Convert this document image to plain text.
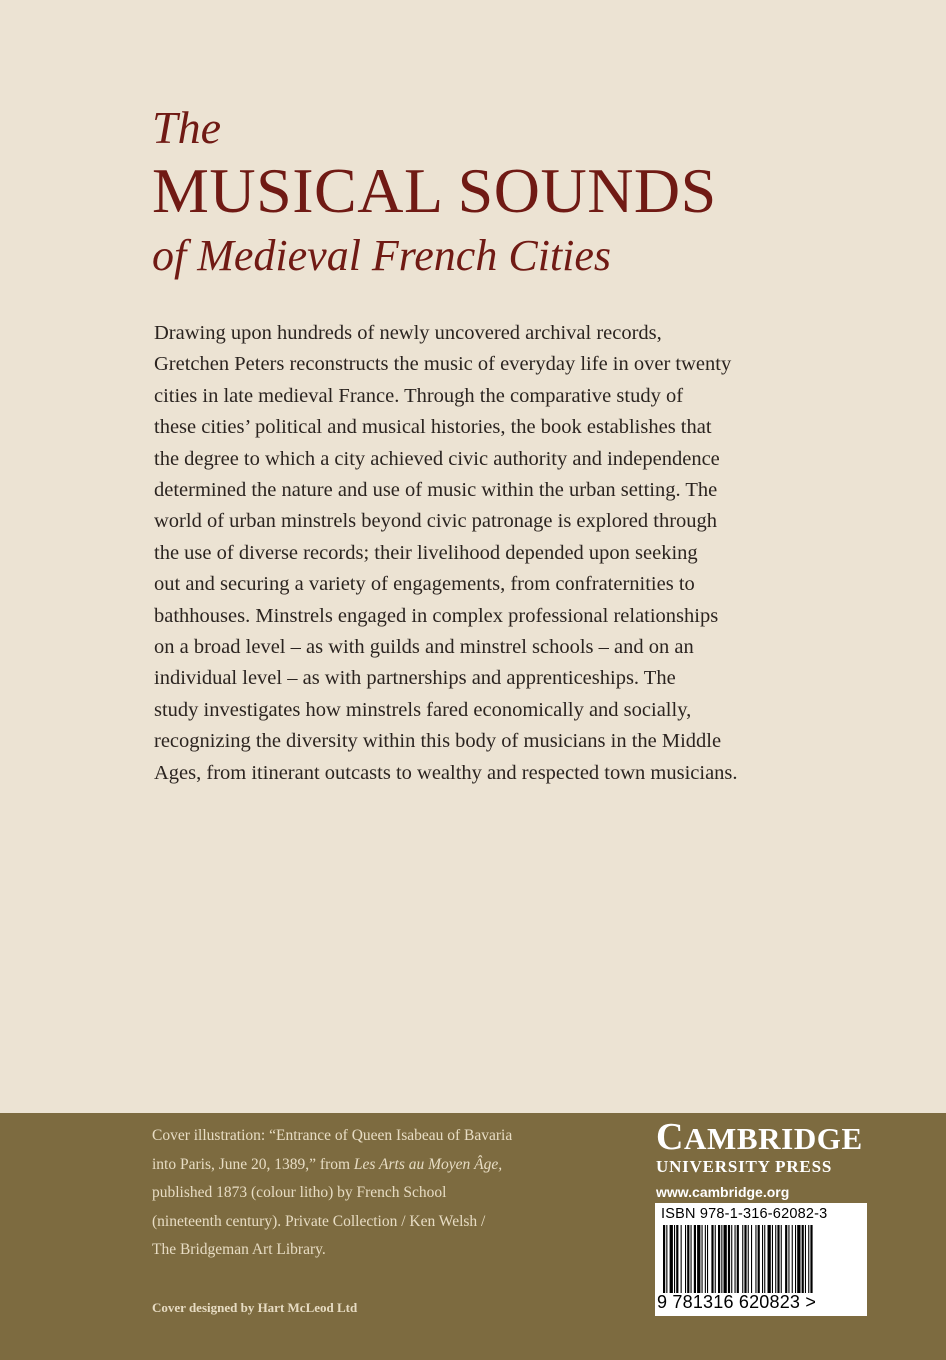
The
MUSICAL SOUNDS
of Medieval French Cities

Drawing upon hundreds of newly uncovered archival records,

Gretchen Peters reconstructs the music of everyday life in over twenty

cities in late medieval France. Through the comparative study of

these cities’ political and musical histories, the book establishes that

the degree to which a city achieved civic authority and independence

determined the nature and use of music within the urban setting. The

world of urban minstrels beyond civic patronage is explored through

the use of diverse records; their livelihood depended upon seeking

out and securing a variety of engagements, from confraternities to

bathhouses. Minstrels engaged in complex professional relationships

on a broad level – as with guilds and minstrel schools – and on an

individual level – as with partnerships and apprenticeships. The

study investigates how minstrels fared economically and socially,

recognizing the diversity within this body of musicians in the Middle

Ages, from itinerant outcasts to wealthy and respected town musicians.

Cover illustration: “Entrance of Queen Isabeau of Bavaria
into Paris, June 20, 1389,” from Les Arts au Moyen Âge,
published 1873 (colour litho) by French School
(nineteenth century). Private Collection / Ken Welsh /
The Bridgeman Art Library.
Cover designed by Hart McLeod Ltd
CAMBRIDGE
UNIVERSITY PRESS
www.cambridge.org
ISBN 978-1-316-62082-3
9 781316 620823 >
